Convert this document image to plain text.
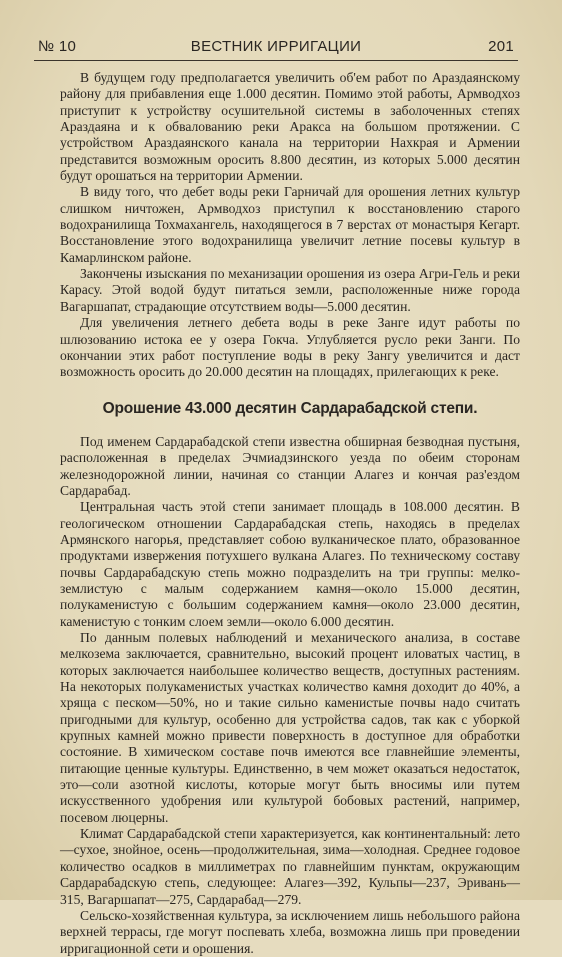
№ 10	ВЕСТНИК ИРРИГАЦИИ	201

В будущем году предполагается увеличить об'ем работ по Араздаянскому району для прибавления еще 1.000 десятин. Помимо этой работы, Армводхоз приступит к устройству осушительной системы в заболоченных степях Араздаяна и к обвалованию реки Аракса на большом протяжении. С устройством Араздаянского канала на территории Нахкрая и Армении представится возможным оросить 8.800 десятин, из которых 5.000 десятин будут орошаться на территории Армении.

В виду того, что дебет воды реки Гарничай для орошения летних культур слишком ничтожен, Армводхоз приступил к восстановлению старого водохранилища Тохмахангель, находящегося в 7 верстах от монастыря Кегарт. Восстановление этого водохранилища увеличит летние посевы культур в Камарлинском районе.

Закончены изыскания по механизации орошения из озера Агри-Гель и реки Карасу. Этой водой будут питаться земли, расположенные ниже города Вагаршапат, страдающие отсутствием воды—5.000 десятин.

Для увеличения летнего дебета воды в реке Занге идут работы по шлюзованию истока ее у озера Гокча. Углубляется русло реки Занги. По окончании этих работ поступление воды в реку Зангу увеличится и даст возможность оросить до 20.000 десятин на площадях, прилегающих к реке.

Орошение 43.000 десятин Сардарабадской степи.

Под именем Сардарабадской степи известна обширная безводная пустыня, расположенная в пределах Эчмиадзинского уезда по обеим сторонам железнодорожной линии, начиная со станции Алагез и кончая раз'ездом Сардарабад.

Центральная часть этой степи занимает площадь в 108.000 десятин. В геологическом отношении Сардарабадская степь, находясь в пределах Армянского нагорья, представляет собою вулканическое плато, образованное продуктами извержения потухшего вулкана Алагез. По техническому составу почвы Сардарабадскую степь можно подразделить на три группы: мелко-землистую с малым содержанием камня—около 15.000 десятин, полукаменистую с большим содержанием камня—около 23.000 десятин, каменистую с тонким слоем земли—около 6.000 десятин.

По данным полевых наблюдений и механического анализа, в составе мелкозема заключается, сравнительно, высокий процент иловатых частиц, в которых заключается наибольшее количество веществ, доступных растениям. На некоторых полукаменистых участках количество камня доходит до 40%, а хряща с песком—50%, но и такие сильно каменистые почвы надо считать пригодными для культур, особенно для устройства садов, так как с уборкой крупных камней можно привести поверхность в доступное для обработки состояние. В химическом составе почв имеются все главнейшие элементы, питающие ценные культуры. Единственно, в чем может оказаться недостаток, это—соли азотной кислоты, которые могут быть вносимы или путем искусственного удобрения или культурой бобовых растений, например, посевом люцерны.

Климат Сардарабадской степи характеризуется, как континентальный: лето—сухое, знойное, осень—продолжительная, зима—холодная. Среднее годовое количество осадков в миллиметрах по главнейшим пунктам, окружающим Сардарабадскую степь, следующее: Алагез—392, Кульпы—237, Эривань—315, Вагаршапат—275, Сардарабад—279.

Сельско-хозяйственная культура, за исключением лишь небольшого района верхней террасы, где могут поспевать хлеба, возможна лишь при проведении ирригационной сети и орошения.
